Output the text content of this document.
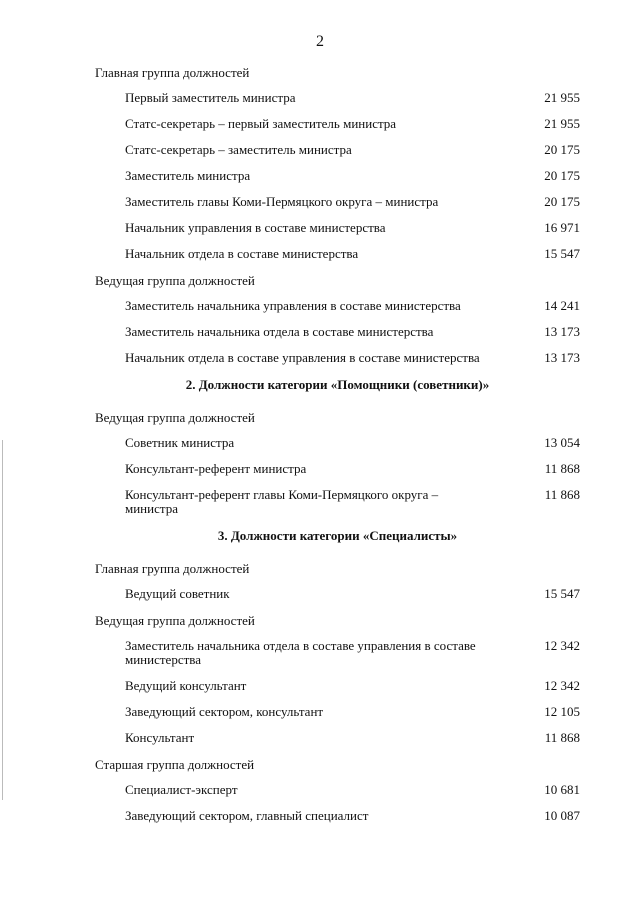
2
Главная группа должностей
Первый заместитель министра	21 955
Статс-секретарь – первый заместитель министра	21 955
Статс-секретарь – заместитель министра	20 175
Заместитель министра	20 175
Заместитель главы Коми-Пермяцкого округа – министра	20 175
Начальник управления в составе министерства	16 971
Начальник отдела в составе министерства	15 547
Ведущая группа должностей
Заместитель начальника управления в составе министерства	14 241
Заместитель начальника отдела в составе министерства	13 173
Начальник отдела в составе управления в составе министерства	13 173
2. Должности категории «Помощники (советники)»
Ведущая группа должностей
Советник министра	13 054
Консультант-референт министра	11 868
Консультант-референт главы Коми-Пермяцкого округа – министра
11 868
3. Должности категории «Специалисты»
Главная группа должностей
Ведущий советник	15 547
Ведущая группа должностей
Заместитель начальника отдела в составе управления в составе министерства
12 342
Ведущий консультант	12 342
Заведующий сектором, консультант	12 105
Консультант	11 868
Старшая группа должностей
Специалист-эксперт	10 681
Заведующий сектором, главный специалист	10 087
